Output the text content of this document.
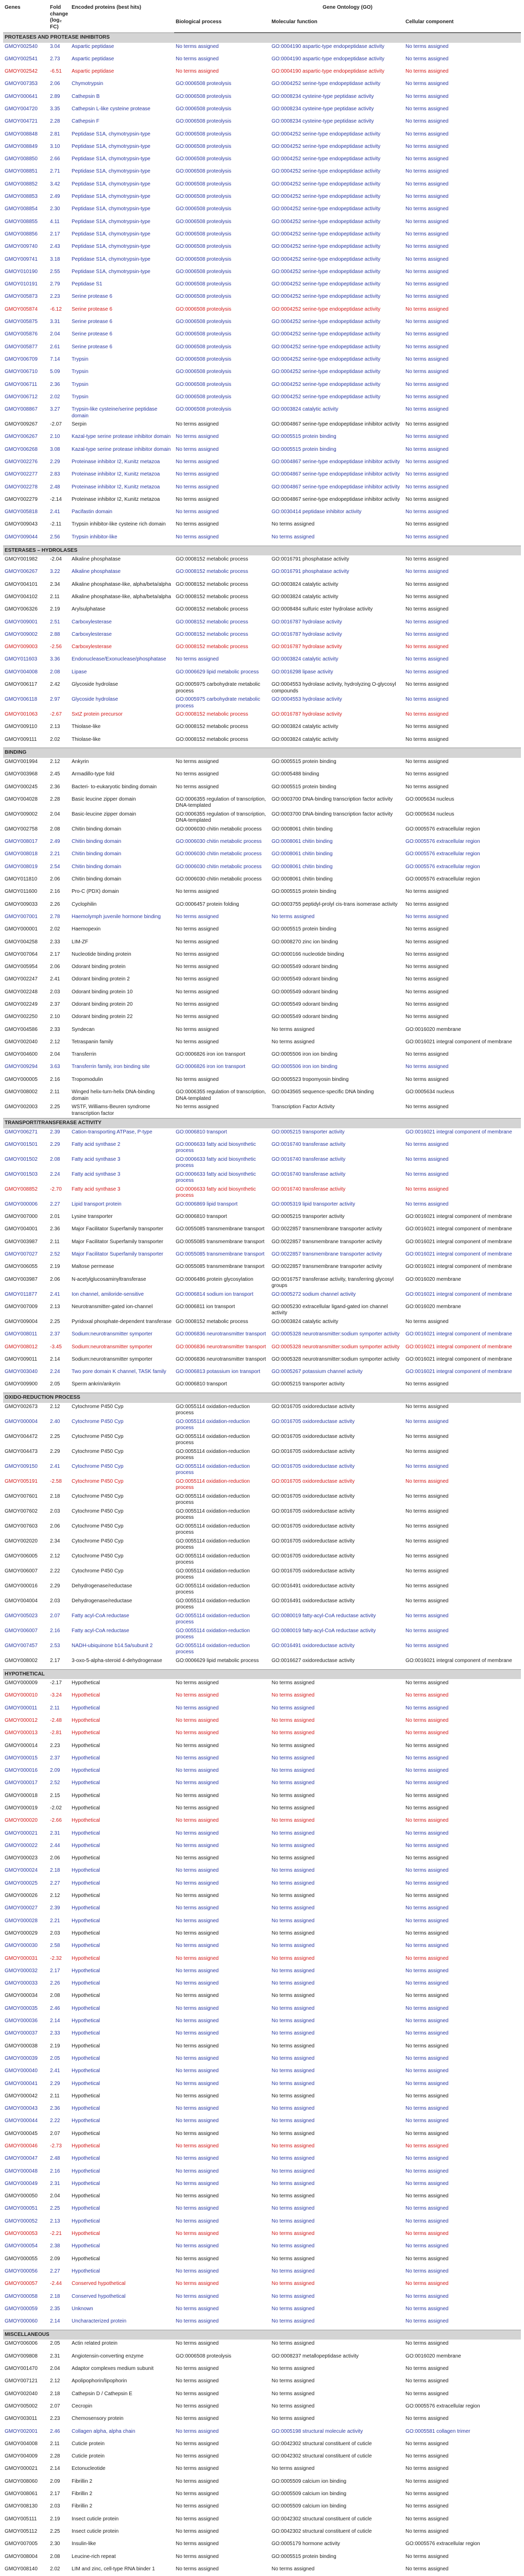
Genes	Fold change (log₂ FC)	Encoded proteins (best hits)	Gene Ontology (GO)		
			Biological process	Molecular function	Cellular component
PROTEASES AND PROTEASE INHIBITORS					
GMOY002540	3.04	Aspartic peptidase	No terms assigned	GO:0004190 aspartic-type endopeptidase activity	No terms assigned
GMOY002541	2.73	Aspartic peptidase	No terms assigned	GO:0004190 aspartic-type endopeptidase activity	No terms assigned
GMOY002542	-6.51	Aspartic peptidase	No terms assigned	GO:0004190 aspartic-type endopeptidase activity	No terms assigned
GMOY007353	2.06	Chymotrypsin	GO:0006508 proteolysis	GO:0004252 serine-type endopeptidase activity	No terms assigned
GMOY000641	2.89	Cathepsin B	GO:0006508 proteolysis	GO:0008234 cysteine-type peptidase activity	No terms assigned
GMOY004720	3.35	Cathepsin L-like cysteine protease	GO:0006508 proteolysis	GO:0008234 cysteine-type peptidase activity	No terms assigned
GMOY004721	2.28	Cathepsin F	GO:0006508 proteolysis	GO:0008234 cysteine-type peptidase activity	No terms assigned
GMOY008848	2.81	Peptidase S1A, chymotrypsin-type	GO:0006508 proteolysis	GO:0004252 serine-type endopeptidase activity	No terms assigned
GMOY008849	3.10	Peptidase S1A, chymotrypsin-type	GO:0006508 proteolysis	GO:0004252 serine-type endopeptidase activity	No terms assigned
GMOY008850	2.66	Peptidase S1A, chymotrypsin-type	GO:0006508 proteolysis	GO:0004252 serine-type endopeptidase activity	No terms assigned
GMOY008851	2.71	Peptidase S1A, chymotrypsin-type	GO:0006508 proteolysis	GO:0004252 serine-type endopeptidase activity	No terms assigned
GMOY008852	3.42	Peptidase S1A, chymotrypsin-type	GO:0006508 proteolysis	GO:0004252 serine-type endopeptidase activity	No terms assigned
GMOY008853	2.49	Peptidase S1A, chymotrypsin-type	GO:0006508 proteolysis	GO:0004252 serine-type endopeptidase activity	No terms assigned
GMOY008854	2.30	Peptidase S1A, chymotrypsin-type	GO:0006508 proteolysis	GO:0004252 serine-type endopeptidase activity	No terms assigned
GMOY008855	4.11	Peptidase S1A, chymotrypsin-type	GO:0006508 proteolysis	GO:0004252 serine-type endopeptidase activity	No terms assigned
GMOY008856	2.17	Peptidase S1A, chymotrypsin-type	GO:0006508 proteolysis	GO:0004252 serine-type endopeptidase activity	No terms assigned
GMOY009740	2.43	Peptidase S1A, chymotrypsin-type	GO:0006508 proteolysis	GO:0004252 serine-type endopeptidase activity	No terms assigned
GMOY009741	3.18	Peptidase S1A, chymotrypsin-type	GO:0006508 proteolysis	GO:0004252 serine-type endopeptidase activity	No terms assigned
GMOY010190	2.55	Peptidase S1A, chymotrypsin-type	GO:0006508 proteolysis	GO:0004252 serine-type endopeptidase activity	No terms assigned
GMOY010191	2.79	Peptidase S1	GO:0006508 proteolysis	GO:0004252 serine-type endopeptidase activity	No terms assigned
GMOY005873	2.23	Serine protease 6	GO:0006508 proteolysis	GO:0004252 serine-type endopeptidase activity	No terms assigned
GMOY005874	-6.12	Serine protease 6	GO:0006508 proteolysis	GO:0004252 serine-type endopeptidase activity	No terms assigned
GMOY005875	3.31	Serine protease 6	GO:0006508 proteolysis	GO:0004252 serine-type endopeptidase activity	No terms assigned
GMOY005876	2.04	Serine protease 6	GO:0006508 proteolysis	GO:0004252 serine-type endopeptidase activity	No terms assigned
GMOY005877	2.61	Serine protease 6	GO:0006508 proteolysis	GO:0004252 serine-type endopeptidase activity	No terms assigned
GMOY006709	7.14	Trypsin	GO:0006508 proteolysis	GO:0004252 serine-type endopeptidase activity	No terms assigned
GMOY006710	5.09	Trypsin	GO:0006508 proteolysis	GO:0004252 serine-type endopeptidase activity	No terms assigned
GMOY006711	2.36	Trypsin	GO:0006508 proteolysis	GO:0004252 serine-type endopeptidase activity	No terms assigned
GMOY006712	2.02	Trypsin	GO:0006508 proteolysis	GO:0004252 serine-type endopeptidase activity	No terms assigned
GMOY008867	3.27	Trypsin-like cysteine/serine peptidase domain	GO:0006508 proteolysis	GO:0003824 catalytic activity	No terms assigned
GMOY009267	-2.07	Serpin	No terms assigned	GO:0004867 serine-type endopeptidase inhibitor activity	No terms assigned
GMOY006267	2.10	Kazal-type serine protease inhibitor domain	No terms assigned	GO:0005515 protein binding	No terms assigned
GMOY006268	3.08	Kazal-type serine protease inhibitor domain	No terms assigned	GO:0005515 protein binding	No terms assigned
GMOY002276	2.29	Proteinase inhibitor I2, Kunitz metazoa	No terms assigned	GO:0004867 serine-type endopeptidase inhibitor activity	No terms assigned
GMOY002277	2.83	Proteinase inhibitor I2, Kunitz metazoa	No terms assigned	GO:0004867 serine-type endopeptidase inhibitor activity	No terms assigned
GMOY002278	2.48	Proteinase inhibitor I2, Kunitz metazoa	No terms assigned	GO:0004867 serine-type endopeptidase inhibitor activity	No terms assigned
GMOY002279	-2.14	Proteinase inhibitor I2, Kunitz metazoa	No terms assigned	GO:0004867 serine-type endopeptidase inhibitor activity	No terms assigned
GMOY005818	2.41	Pacifastin domain	No terms assigned	GO:0030414 peptidase inhibitor activity	No terms assigned
GMOY009043	-2.11	Trypsin inhibitor-like cysteine rich domain	No terms assigned	No terms assigned	No terms assigned
GMOY009044	2.56	Trypsin inhibitor-like	No terms assigned	No terms assigned	No terms assigned
ESTERASES – HYDROLASES					
GMOY001982	-2.04	Alkaline phosphatase	GO:0008152 metabolic process	GO:0016791 phosphatase activity	No terms assigned
GMOY006267	3.22	Alkaline phosphatase	GO:0008152 metabolic process	GO:0016791 phosphatase activity	No terms assigned
GMOY004101	2.34	Alkaline phosphatase-like, alpha/beta/alpha	GO:0008152 metabolic process	GO:0003824 catalytic activity	No terms assigned
GMOY004102	2.11	Alkaline phosphatase-like, alpha/beta/alpha	GO:0008152 metabolic process	GO:0003824 catalytic activity	No terms assigned
GMOY006326	2.19	Arylsulphatase	GO:0008152 metabolic process	GO:0008484 sulfuric ester hydrolase activity	No terms assigned
GMOY009001	2.51	Carboxylesterase	GO:0008152 metabolic process	GO:0016787 hydrolase activity	No terms assigned
GMOY009002	2.88	Carboxylesterase	GO:0008152 metabolic process	GO:0016787 hydrolase activity	No terms assigned
GMOY009003	-2.56	Carboxylesterase	GO:0008152 metabolic process	GO:0016787 hydrolase activity	No terms assigned
GMOY011603	3.36	Endonuclease/Exonuclease/phosphatase	No terms assigned	GO:0003824 catalytic activity	No terms assigned
GMOY004008	2.08	Lipase	GO:0006629 lipid metabolic process	GO:0016298 lipase activity	No terms assigned
GMOY006117	2.42	Glycoside hydrolase	GO:0005975 carbohydrate metabolic process	GO:0004553 hydrolase activity, hydrolyzing O-glycosyl compounds	No terms assigned
GMOY006118	2.97	Glycoside hydrolase	GO:0005975 carbohydrate metabolic process	GO:0004553 hydrolase activity	No terms assigned
GMOY001063	-2.67	SxtZ protein precursor	GO:0008152 metabolic process	GO:0016787 hydrolase activity	No terms assigned
GMOY009110	2.13	Thiolase-like	GO:0008152 metabolic process	GO:0003824 catalytic activity	No terms assigned
GMOY009111	2.02	Thiolase-like	GO:0008152 metabolic process	GO:0003824 catalytic activity	No terms assigned
BINDING					
GMOY001994	2.12	Ankyrin	No terms assigned	GO:0005515 protein binding	No terms assigned
GMOY003968	2.45	Armadillo-type fold	No terms assigned	GO:0005488 binding	No terms assigned
GMOY000245	2.36	Bacteri- to-eukaryotic binding domain	No terms assigned	GO:0005515 protein binding	No terms assigned
GMOY004028	2.28	Basic leucine zipper domain	GO:0006355 regulation of transcription, DNA-templated	GO:0003700 DNA-binding transcription factor activity	GO:0005634 nucleus
GMOY009002	2.04	Basic-leucine zipper domain	GO:0006355 regulation of transcription, DNA-templated	GO:0003700 DNA-binding transcription factor activity	GO:0005634 nucleus
GMOY002758	2.08	Chitin binding domain	GO:0006030 chitin metabolic process	GO:0008061 chitin binding	GO:0005576 extracellular region
GMOY008017	2.49	Chitin binding domain	GO:0006030 chitin metabolic process	GO:0008061 chitin binding	GO:0005576 extracellular region
GMOY008018	2.21	Chitin binding domain	GO:0006030 chitin metabolic process	GO:0008061 chitin binding	GO:0005576 extracellular region
GMOY008019	2.54	Chitin binding domain	GO:0006030 chitin metabolic process	GO:0008061 chitin binding	GO:0005576 extracellular region
GMOY011810	2.06	Chitin binding domain	GO:0006030 chitin metabolic process	GO:0008061 chitin binding	GO:0005576 extracellular region
GMOY011600	2.16	Pro-C (PDX) domain	No terms assigned	GO:0005515 protein binding	No terms assigned
GMOY009033	2.26	Cyclophilin	GO:0006457 protein folding	GO:0003755 peptidyl-prolyl cis-trans isomerase activity	No terms assigned
GMOY007001	2.78	Haemolymph juvenile hormone binding	No terms assigned	No terms assigned	No terms assigned
GMOY000001	2.02	Haemopexin	No terms assigned	GO:0005515 protein binding	No terms assigned
GMOY004258	2.33	LIM-ZF	No terms assigned	GO:0008270 zinc ion binding	No terms assigned
GMOY007064	2.17	Nucleotide binding protein	No terms assigned	GO:0000166 nucleotide binding	No terms assigned
GMOY005954	2.06	Odorant binding protein	No terms assigned	GO:0005549 odorant binding	No terms assigned
GMOY002247	2.41	Odorant binding protein 2	No terms assigned	GO:0005549 odorant binding	No terms assigned
GMOY002248	2.03	Odorant binding protein 10	No terms assigned	GO:0005549 odorant binding	No terms assigned
GMOY002249	2.37	Odorant binding protein 20	No terms assigned	GO:0005549 odorant binding	No terms assigned
GMOY002250	2.10	Odorant binding protein 22	No terms assigned	GO:0005549 odorant binding	No terms assigned
GMOY004586	2.33	Syndecan	No terms assigned	No terms assigned	GO:0016020 membrane
GMOY002040	2.12	Tetraspanin family	No terms assigned	No terms assigned	GO:0016021 integral component of membrane
GMOY004600	2.04	Transferrin	GO:0006826 iron ion transport	GO:0005506 iron ion binding	No terms assigned
GMOY009294	3.63	Transferrin family, iron binding site	GO:0006826 iron ion transport	GO:0005506 iron ion binding	No terms assigned
GMOY000005	2.16	Tropomodulin	No terms assigned	GO:0005523 tropomyosin binding	No terms assigned
GMOY008002	2.11	Winged helix-turn-helix DNA-binding domain	GO:0006355 regulation of transcription, DNA-templated	GO:0043565 sequence-specific DNA binding	GO:0005634 nucleus
GMOY002003	2.25	WSTF, Williams-Beuren syndrome transcription factor	No terms assigned	Transcription Factor Activity	No terms assigned
TRANSPORT/TRANSFERASE ACTIVITY					
GMOY006271	2.39	Cation-transporting ATPase, P-type	GO:0006810 transport	GO:0005215 transporter activity	GO:0016021 integral component of membrane
GMOY001501	2.29	Fatty acid synthase 2	GO:0006633 fatty acid biosynthetic process	GO:0016740 transferase activity	No terms assigned
GMOY001502	2.08	Fatty acid synthase 3	GO:0006633 fatty acid biosynthetic process	GO:0016740 transferase activity	No terms assigned
GMOY001503	2.24	Fatty acid synthase 3	GO:0006633 fatty acid biosynthetic process	GO:0016740 transferase activity	No terms assigned
GMOY008852	-2.70	Fatty acid synthase 3	GO:0006633 fatty acid biosynthetic process	GO:0016740 transferase activity	No terms assigned
GMOY000006	2.27	Lipid transport protein	GO:0006869 lipid transport	GO:0005319 lipid transporter activity	No terms assigned
GMOY007000	2.01	Lysine transporter	GO:0006810 transport	GO:0005215 transporter activity	GO:0016021 integral component of membrane
GMOY004001	2.36	Major Facilitator Superfamily transporter	GO:0055085 transmembrane transport	GO:0022857 transmembrane transporter activity	GO:0016021 integral component of membrane
GMOY003987	2.11	Major Facilitator Superfamily transporter	GO:0055085 transmembrane transport	GO:0022857 transmembrane transporter activity	GO:0016021 integral component of membrane
GMOY007027	2.52	Major Facilitator Superfamily transporter	GO:0055085 transmembrane transport	GO:0022857 transmembrane transporter activity	GO:0016021 integral component of membrane
GMOY006055	2.19	Maltose permease	GO:0055085 transmembrane transport	GO:0022857 transmembrane transporter activity	GO:0016021 integral component of membrane
GMOY003987	2.06	N-acetylglucosaminyltransferase	GO:0006486 protein glycosylation	GO:0016757 transferase activity, transferring glycosyl groups	GO:0016020 membrane
GMOY011877	2.41	Ion channel, amiloride-sensitive	GO:0006814 sodium ion transport	GO:0005272 sodium channel activity	GO:0016021 integral component of membrane
GMOY007009	2.13	Neurotransmitter-gated ion-channel	GO:0006811 ion transport	GO:0005230 extracellular ligand-gated ion channel activity	GO:0016020 membrane
GMOY009004	2.25	Pyridoxal phosphate-dependent transferase	GO:0008152 metabolic process	GO:0003824 catalytic activity	No terms assigned
GMOY008011	2.37	Sodium:neurotransmitter symporter	GO:0006836 neurotransmitter transport	GO:0005328 neurotransmitter:sodium symporter activity	GO:0016021 integral component of membrane
GMOY008012	-3.45	Sodium:neurotransmitter symporter	GO:0006836 neurotransmitter transport	GO:0005328 neurotransmitter:sodium symporter activity	GO:0016021 integral component of membrane
GMOY009011	2.14	Sodium:neurotransmitter symporter	GO:0006836 neurotransmitter transport	GO:0005328 neurotransmitter:sodium symporter activity	GO:0016021 integral component of membrane
GMOY003040	2.24	Two pore domain K channel, TASK family	GO:0006813 potassium ion transport	GO:0005267 potassium channel activity	GO:0016021 integral component of membrane
GMOY009900	2.05	Sperm ankrin/ankyrin	GO:0006810 transport	GO:0005215 transporter activity	No terms assigned
OXIDO-REDUCTION PROCESS					
GMOY002673	2.12	Cytochrome P450 Cyp	GO:0055114 oxidation-reduction process	GO:0016705 oxidoreductase activity	No terms assigned
GMOY000004	2.40	Cytochrome P450 Cyp	GO:0055114 oxidation-reduction process	GO:0016705 oxidoreductase activity	No terms assigned
GMOY004472	2.25	Cytochrome P450 Cyp	GO:0055114 oxidation-reduction process	GO:0016705 oxidoreductase activity	No terms assigned
GMOY004473	2.29	Cytochrome P450 Cyp	GO:0055114 oxidation-reduction process	GO:0016705 oxidoreductase activity	No terms assigned
GMOY009150	2.41	Cytochrome P450 Cyp	GO:0055114 oxidation-reduction process	GO:0016705 oxidoreductase activity	No terms assigned
GMOY005191	-2.58	Cytochrome P450 Cyp	GO:0055114 oxidation-reduction process	GO:0016705 oxidoreductase activity	No terms assigned
GMOY007601	2.18	Cytochrome P450 Cyp	GO:0055114 oxidation-reduction process	GO:0016705 oxidoreductase activity	No terms assigned
GMOY007602	2.03	Cytochrome P450 Cyp	GO:0055114 oxidation-reduction process	GO:0016705 oxidoreductase activity	No terms assigned
GMOY007603	2.06	Cytochrome P450 Cyp	GO:0055114 oxidation-reduction process	GO:0016705 oxidoreductase activity	No terms assigned
GMOY002020	2.34	Cytochrome P450 Cyp	GO:0055114 oxidation-reduction process	GO:0016705 oxidoreductase activity	No terms assigned
GMOY006005	2.12	Cytochrome P450 Cyp	GO:0055114 oxidation-reduction process	GO:0016705 oxidoreductase activity	No terms assigned
GMOY006007	2.22	Cytochrome P450 Cyp	GO:0055114 oxidation-reduction process	GO:0016705 oxidoreductase activity	No terms assigned
GMOY000016	2.29	Dehydrogenase/reductase	GO:0055114 oxidation-reduction process	GO:0016491 oxidoreductase activity	No terms assigned
GMOY004004	2.03	Dehydrogenase/reductase	GO:0055114 oxidation-reduction process	GO:0016491 oxidoreductase activity	No terms assigned
GMOY005023	2.07	Fatty acyl-CoA reductase	GO:0055114 oxidation-reduction process	GO:0080019 fatty-acyl-CoA reductase activity	No terms assigned
GMOY006007	2.16	Fatty acyl-CoA reductase	GO:0055114 oxidation-reduction process	GO:0080019 fatty-acyl-CoA reductase activity	No terms assigned
GMOY007457	2.53	NADH-ubiquinone b14.5a/subunit 2	GO:0055114 oxidation-reduction process	GO:0016491 oxidoreductase activity	No terms assigned
GMOY008002	2.17	3-oxo-5-alpha-steroid 4-dehydrogenase	GO:0006629 lipid metabolic process	GO:0016627 oxidoreductase activity	GO:0016021 integral component of membrane
HYPOTHETICAL					
GMOY000009	-2.17	Hypothetical	No terms assigned	No terms assigned	No terms assigned
GMOY000010	-3.24	Hypothetical	No terms assigned	No terms assigned	No terms assigned
GMOY000011	2.11	Hypothetical	No terms assigned	No terms assigned	No terms assigned
GMOY000012	-2.48	Hypothetical	No terms assigned	No terms assigned	No terms assigned
GMOY000013	-2.81	Hypothetical	No terms assigned	No terms assigned	No terms assigned
GMOY000014	2.23	Hypothetical	No terms assigned	No terms assigned	No terms assigned
GMOY000015	2.37	Hypothetical	No terms assigned	No terms assigned	No terms assigned
GMOY000016	2.09	Hypothetical	No terms assigned	No terms assigned	No terms assigned
GMOY000017	2.52	Hypothetical	No terms assigned	No terms assigned	No terms assigned
GMOY000018	2.15	Hypothetical	No terms assigned	No terms assigned	No terms assigned
GMOY000019	-2.02	Hypothetical	No terms assigned	No terms assigned	No terms assigned
GMOY000020	-2.66	Hypothetical	No terms assigned	No terms assigned	No terms assigned
GMOY000021	2.31	Hypothetical	No terms assigned	No terms assigned	No terms assigned
GMOY000022	2.44	Hypothetical	No terms assigned	No terms assigned	No terms assigned
GMOY000023	2.06	Hypothetical	No terms assigned	No terms assigned	No terms assigned
GMOY000024	2.18	Hypothetical	No terms assigned	No terms assigned	No terms assigned
GMOY000025	2.27	Hypothetical	No terms assigned	No terms assigned	No terms assigned
GMOY000026	2.12	Hypothetical	No terms assigned	No terms assigned	No terms assigned
GMOY000027	2.39	Hypothetical	No terms assigned	No terms assigned	No terms assigned
GMOY000028	2.21	Hypothetical	No terms assigned	No terms assigned	No terms assigned
GMOY000029	2.03	Hypothetical	No terms assigned	No terms assigned	No terms assigned
GMOY000030	2.58	Hypothetical	No terms assigned	No terms assigned	No terms assigned
GMOY000031	-2.32	Hypothetical	No terms assigned	No terms assigned	No terms assigned
GMOY000032	2.17	Hypothetical	No terms assigned	No terms assigned	No terms assigned
GMOY000033	2.26	Hypothetical	No terms assigned	No terms assigned	No terms assigned
GMOY000034	2.08	Hypothetical	No terms assigned	No terms assigned	No terms assigned
GMOY000035	2.46	Hypothetical	No terms assigned	No terms assigned	No terms assigned
GMOY000036	2.14	Hypothetical	No terms assigned	No terms assigned	No terms assigned
GMOY000037	2.33	Hypothetical	No terms assigned	No terms assigned	No terms assigned
GMOY000038	2.19	Hypothetical	No terms assigned	No terms assigned	No terms assigned
GMOY000039	2.05	Hypothetical	No terms assigned	No terms assigned	No terms assigned
GMOY000040	2.41	Hypothetical	No terms assigned	No terms assigned	No terms assigned
GMOY000041	2.29	Hypothetical	No terms assigned	No terms assigned	No terms assigned
GMOY000042	2.11	Hypothetical	No terms assigned	No terms assigned	No terms assigned
GMOY000043	2.36	Hypothetical	No terms assigned	No terms assigned	No terms assigned
GMOY000044	2.22	Hypothetical	No terms assigned	No terms assigned	No terms assigned
GMOY000045	2.07	Hypothetical	No terms assigned	No terms assigned	No terms assigned
GMOY000046	-2.73	Hypothetical	No terms assigned	No terms assigned	No terms assigned
GMOY000047	2.48	Hypothetical	No terms assigned	No terms assigned	No terms assigned
GMOY000048	2.16	Hypothetical	No terms assigned	No terms assigned	No terms assigned
GMOY000049	2.31	Hypothetical	No terms assigned	No terms assigned	No terms assigned
GMOY000050	2.04	Hypothetical	No terms assigned	No terms assigned	No terms assigned
GMOY000051	2.25	Hypothetical	No terms assigned	No terms assigned	No terms assigned
GMOY000052	2.13	Hypothetical	No terms assigned	No terms assigned	No terms assigned
GMOY000053	-2.21	Hypothetical	No terms assigned	No terms assigned	No terms assigned
GMOY000054	2.38	Hypothetical	No terms assigned	No terms assigned	No terms assigned
GMOY000055	2.09	Hypothetical	No terms assigned	No terms assigned	No terms assigned
GMOY000056	2.27	Hypothetical	No terms assigned	No terms assigned	No terms assigned
GMOY000057	-2.44	Conserved hypothetical	No terms assigned	No terms assigned	No terms assigned
GMOY000058	2.18	Conserved hypothetical	No terms assigned	No terms assigned	No terms assigned
GMOY000059	2.35	Unknown	No terms assigned	No terms assigned	No terms assigned
GMOY000060	2.14	Uncharacterized protein	No terms assigned	No terms assigned	No terms assigned
MISCELLANEOUS					
GMOY006006	2.05	Actin related protein	No terms assigned	No terms assigned	No terms assigned
GMOY009808	2.31	Angiotensin-converting enzyme	GO:0006508 proteolysis	GO:0008237 metallopeptidase activity	GO:0016020 membrane
GMOY001470	2.04	Adaptor complexes medium subunit	No terms assigned	No terms assigned	No terms assigned
GMOY007121	2.12	Apolipophorin/lipophorin	No terms assigned	No terms assigned	No terms assigned
GMOY002040	2.18	Cathepsin D / Cathepsin E	No terms assigned	No terms assigned	No terms assigned
GMOY005002	2.07	Cecropin	No terms assigned	No terms assigned	GO:0005576 extracellular region
GMOY003011	2.23	Chemosensory protein	No terms assigned	No terms assigned	No terms assigned
GMOY002001	2.46	Collagen alpha, alpha chain	No terms assigned	GO:0005198 structural molecule activity	GO:0005581 collagen trimer
GMOY004008	2.11	Cuticle protein	No terms assigned	GO:0042302 structural constituent of cuticle	No terms assigned
GMOY004009	2.28	Cuticle protein	No terms assigned	GO:0042302 structural constituent of cuticle	No terms assigned
GMOY000021	2.14	Ectonucleotide	No terms assigned	No terms assigned	No terms assigned
GMOY008060	2.09	Fibrillin 2	No terms assigned	GO:0005509 calcium ion binding	No terms assigned
GMOY008061	2.17	Fibrillin 2	No terms assigned	GO:0005509 calcium ion binding	No terms assigned
GMOY008130	2.03	Fibrillin 2	No terms assigned	GO:0005509 calcium ion binding	No terms assigned
GMOY005111	2.19	Insect cuticle protein	No terms assigned	GO:0042302 structural constituent of cuticle	No terms assigned
GMOY005112	2.25	Insect cuticle protein	No terms assigned	GO:0042302 structural constituent of cuticle	No terms assigned
GMOY007005	2.30	Insulin-like	No terms assigned	GO:0005179 hormone activity	GO:0005576 extracellular region
GMOY008004	2.08	Leucine-rich repeat	No terms assigned	GO:0005515 protein binding	No terms assigned
GMOY008140	2.02	LIM and zinc, cell-type RNA binder 1	No terms assigned	No terms assigned	No terms assigned
